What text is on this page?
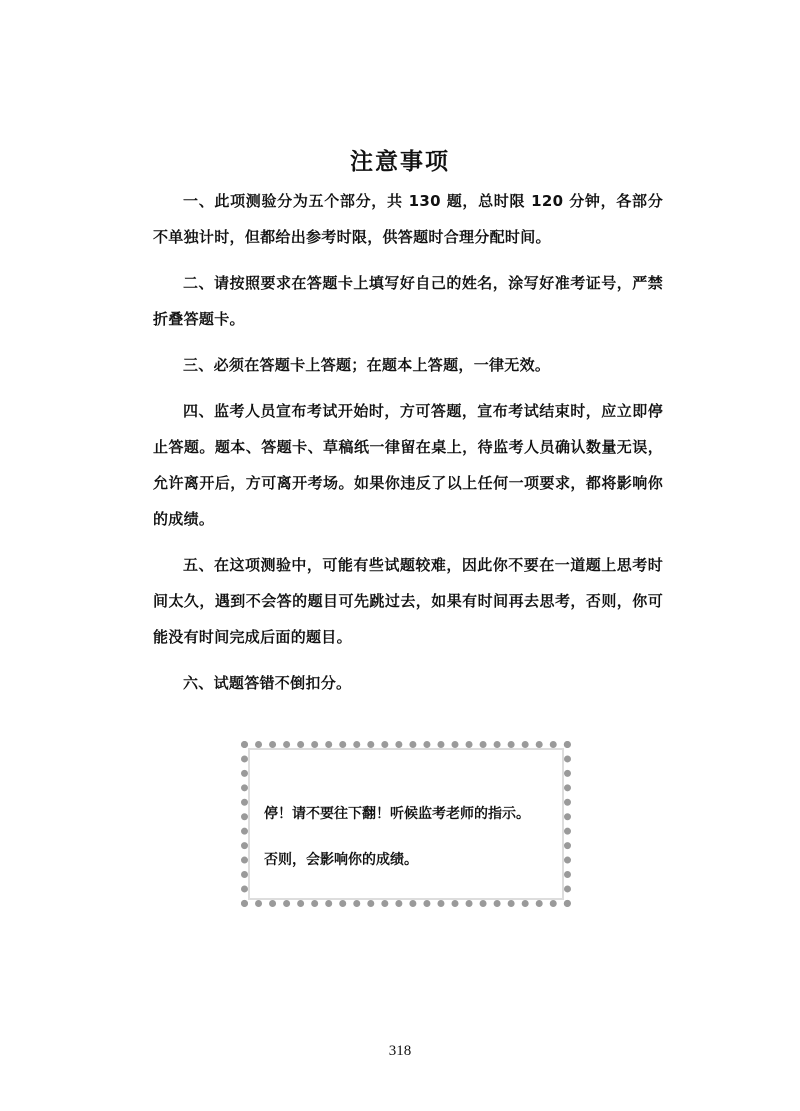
注意事项

一、此项测验分为五个部分，共 130 题，总时限 120 分钟，各部分不单独计时，但都给出参考时限，供答题时合理分配时间。

二、请按照要求在答题卡上填写好自己的姓名，涂写好准考证号，严禁折叠答题卡。

三、必须在答题卡上答题；在题本上答题，一律无效。

四、监考人员宣布考试开始时，方可答题，宣布考试结束时，应立即停止答题。题本、答题卡、草稿纸一律留在桌上，待监考人员确认数量无误，允许离开后，方可离开考场。如果你违反了以上任何一项要求，都将影响你的成绩。

五、在这项测验中，可能有些试题较难，因此你不要在一道题上思考时间太久，遇到不会答的题目可先跳过去，如果有时间再去思考，否则，你可能没有时间完成后面的题目。

六、试题答错不倒扣分。

停！请不要往下翻！听候监考老师的指示。
否则，会影响你的成绩。
318
